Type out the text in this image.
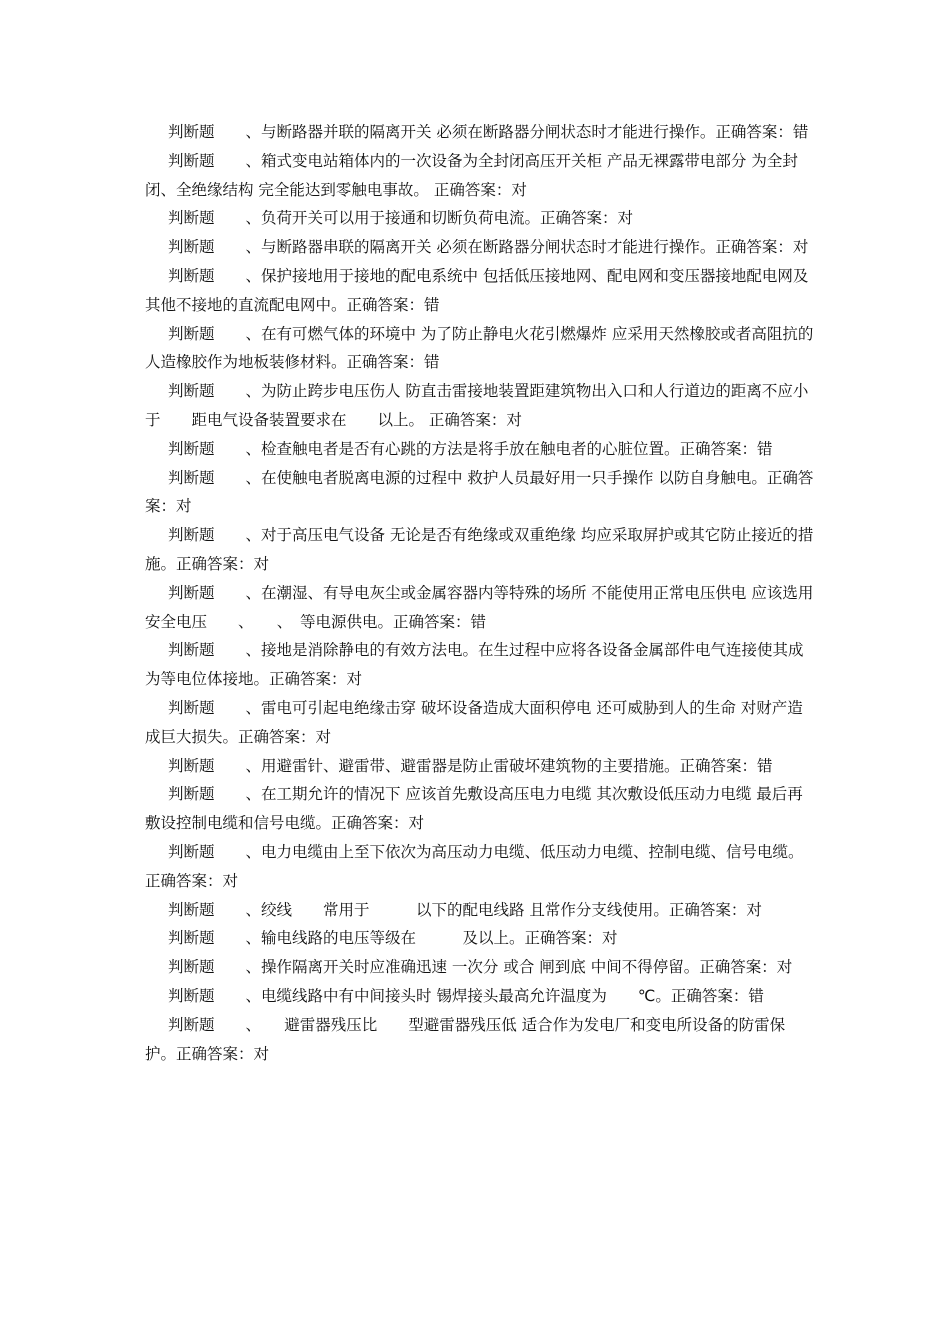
判断题　　、与断路器并联的隔离开关 必须在断路器分闸状态时才能进行操作。正确答案：错

判断题　　、箱式变电站箱体内的一次设备为全封闭高压开关柜 产品无裸露带电部分 为全封闭、全绝缘结构 完全能达到零触电事故。 正确答案：对

判断题　　、负荷开关可以用于接通和切断负荷电流。正确答案：对

判断题　　、与断路器串联的隔离开关 必须在断路器分闸状态时才能进行操作。正确答案：对

判断题　　、保护接地用于接地的配电系统中 包括低压接地网、配电网和变压器接地配电网及其他不接地的直流配电网中。正确答案：错

判断题　　、在有可燃气体的环境中 为了防止静电火花引燃爆炸 应采用天然橡胶或者高阻抗的人造橡胶作为地板装修材料。正确答案：错

判断题　　、为防止跨步电压伤人 防直击雷接地装置距建筑物出入口和人行道边的距离不应小于　　距电气设备装置要求在　　以上。 正确答案：对

判断题　　、检查触电者是否有心跳的方法是将手放在触电者的心脏位置。正确答案：错

判断题　　、在使触电者脱离电源的过程中 救护人员最好用一只手操作 以防自身触电。正确答案：对

判断题　　、对于高压电气设备 无论是否有绝缘或双重绝缘 均应采取屏护或其它防止接近的措施。正确答案：对

判断题　　、在潮湿、有导电灰尘或金属容器内等特殊的场所 不能使用正常电压供电 应该选用安全电压　　、　　、　等电源供电。正确答案：错

判断题　　、接地是消除静电的有效方法电。在生过程中应将各设备金属部件电气连接使其成为等电位体接地。正确答案：对

判断题　　、雷电可引起电绝缘击穿 破坏设备造成大面积停电 还可威胁到人的生命 对财产造成巨大损失。正确答案：对

判断题　　、用避雷针、避雷带、避雷器是防止雷破坏建筑物的主要措施。正确答案：错

判断题　　、在工期允许的情况下 应该首先敷设高压电力电缆 其次敷设低压动力电缆 最后再敷设控制电缆和信号电缆。正确答案：对

判断题　　、电力电缆由上至下依次为高压动力电缆、低压动力电缆、控制电缆、信号电缆。正确答案：对

判断题　　、绞线　　常用于　　　以下的配电线路 且常作分支线使用。正确答案：对

判断题　　、输电线路的电压等级在　　　及以上。正确答案：对

判断题　　、操作隔离开关时应准确迅速 一次分 或合 闸到底 中间不得停留。正确答案：对

判断题　　、电缆线路中有中间接头时 锡焊接头最高允许温度为　　℃。正确答案：错

判断题　　、　　避雷器残压比　　型避雷器残压低 适合作为发电厂和变电所设备的防雷保护。正确答案：对
